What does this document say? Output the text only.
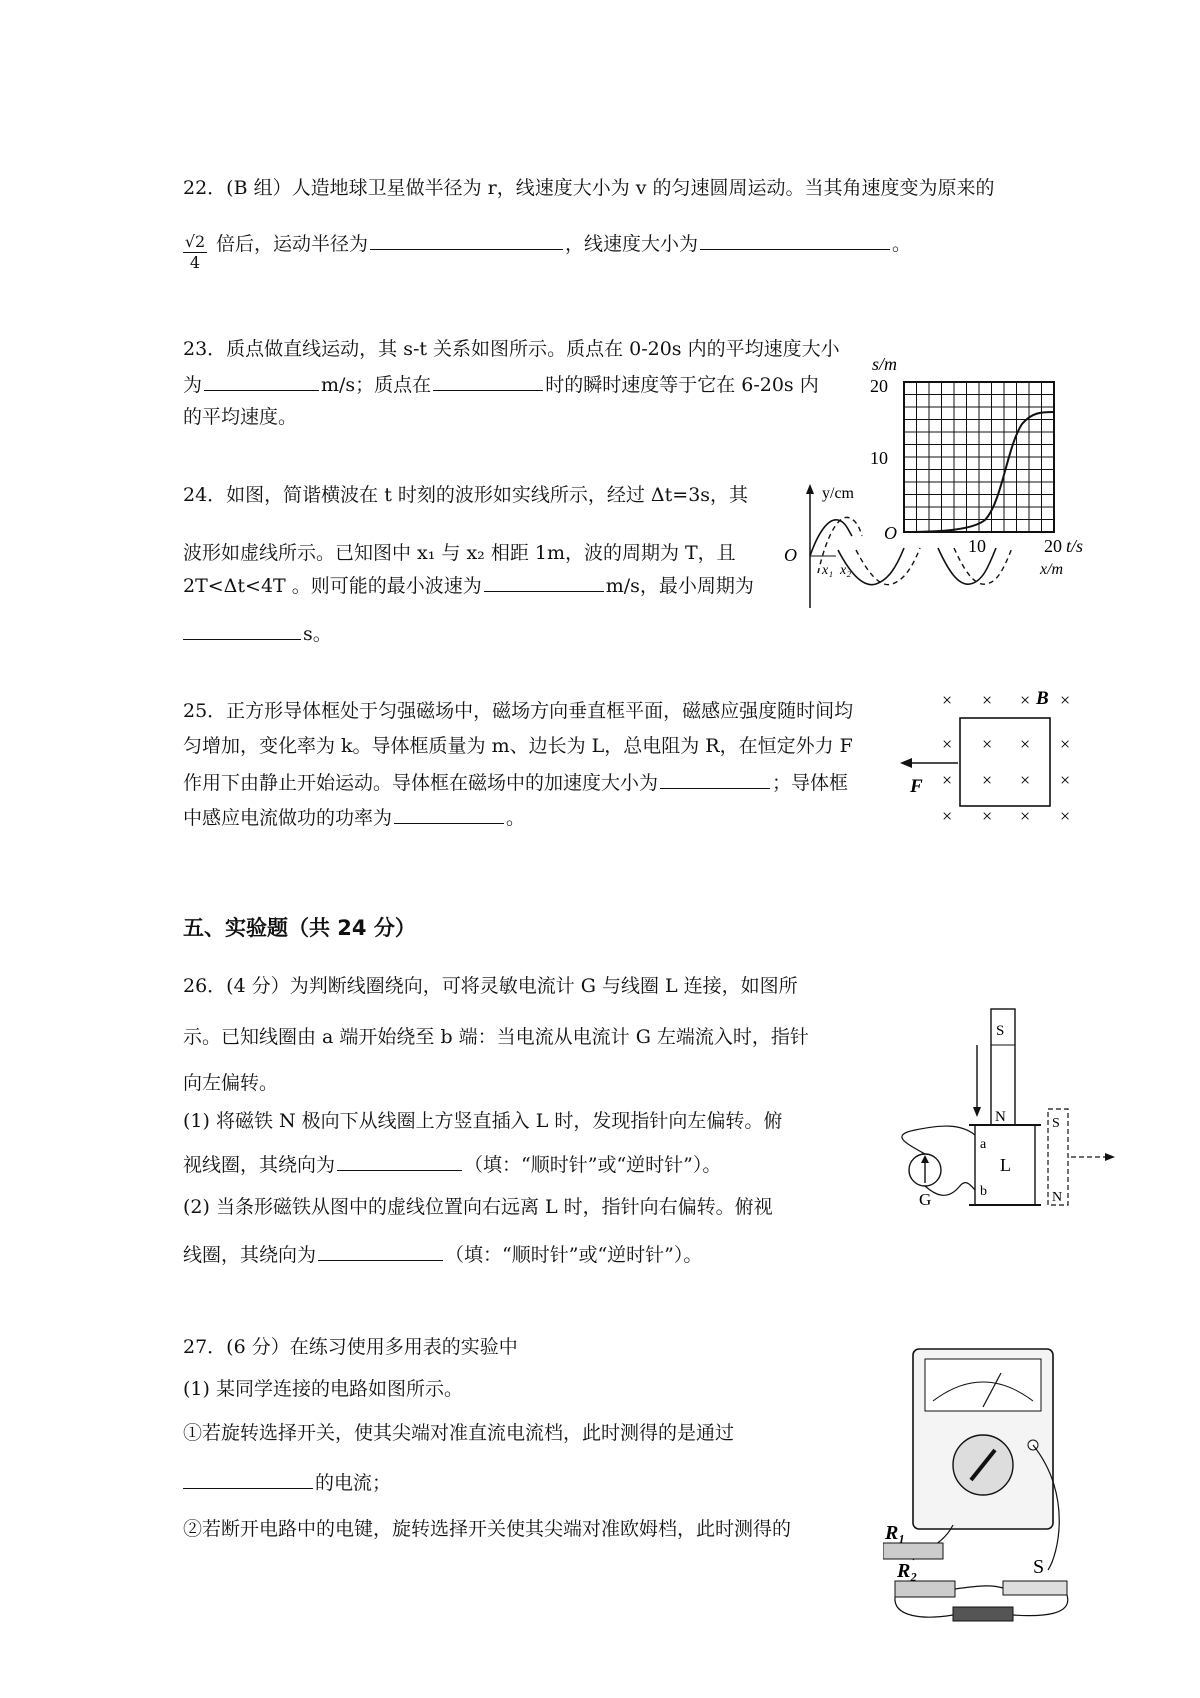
22．(B 组）人造地球卫星做半径为 r，线速度大小为 v 的匀速圆周运动。当其角速度变为原来的
$\frac{√2}{4}$ 倍后，运动半径为	，线速度大小为	。
23．质点做直线运动，其 s-t 关系如图所示。质点在 0-20s 内的平均速度大小
为	m/s；质点在	时的瞬时速度等于它在 6-20s 内
的平均速度。
24．如图，简谐横波在 t 时刻的波形如实线所示，经过 Δt=3s，其
波形如虚线所示。已知图中 x₁ 与 x₂ 相距 1m，波的周期为 T，且
2T<Δt<4T 。则可能的最小波速为	m/s，最小周期为
s。
25．正方形导体框处于匀强磁场中，磁场方向垂直框平面，磁感应强度随时间均
匀增加，变化率为 k。导体框质量为 m、边长为 L，总电阻为 R，在恒定外力 F
作用下由静止开始运动。导体框在磁场中的加速度大小为	；导体框
中感应电流做功的功率为	。
五、实验题（共 24 分）
26．(4 分）为判断线圈绕向，可将灵敏电流计 G 与线圈 L 连接，如图所
示。已知线圈由 a 端开始绕至 b 端：当电流从电流计 G 左端流入时，指针
向左偏转。
(1) 将磁铁 N 极向下从线圈上方竖直插入 L 时，发现指针向左偏转。俯
视线圈，其绕向为	（填：“顺时针”或“逆时针”）。
(2) 当条形磁铁从图中的虚线位置向右远离 L 时，指针向右偏转。俯视
线圈，其绕向为	（填：“顺时针”或“逆时针”）。
27．(6 分）在练习使用多用表的实验中
(1) 某同学连接的电路如图所示。
①若旋转选择开关，使其尖端对准直流电流档，此时测得的是通过
的电流；
②若断开电路中的电键，旋转选择开关使其尖端对准欧姆档，此时测得的
s/m
20
10
O
10	20 t/s
y/cm
O
x₁ x₂	x/m
× × × ×
× × × ×
× × × ×
× × × ×
F
B
S
N
L
a
b
G
S
N
R₁
R₂	S
